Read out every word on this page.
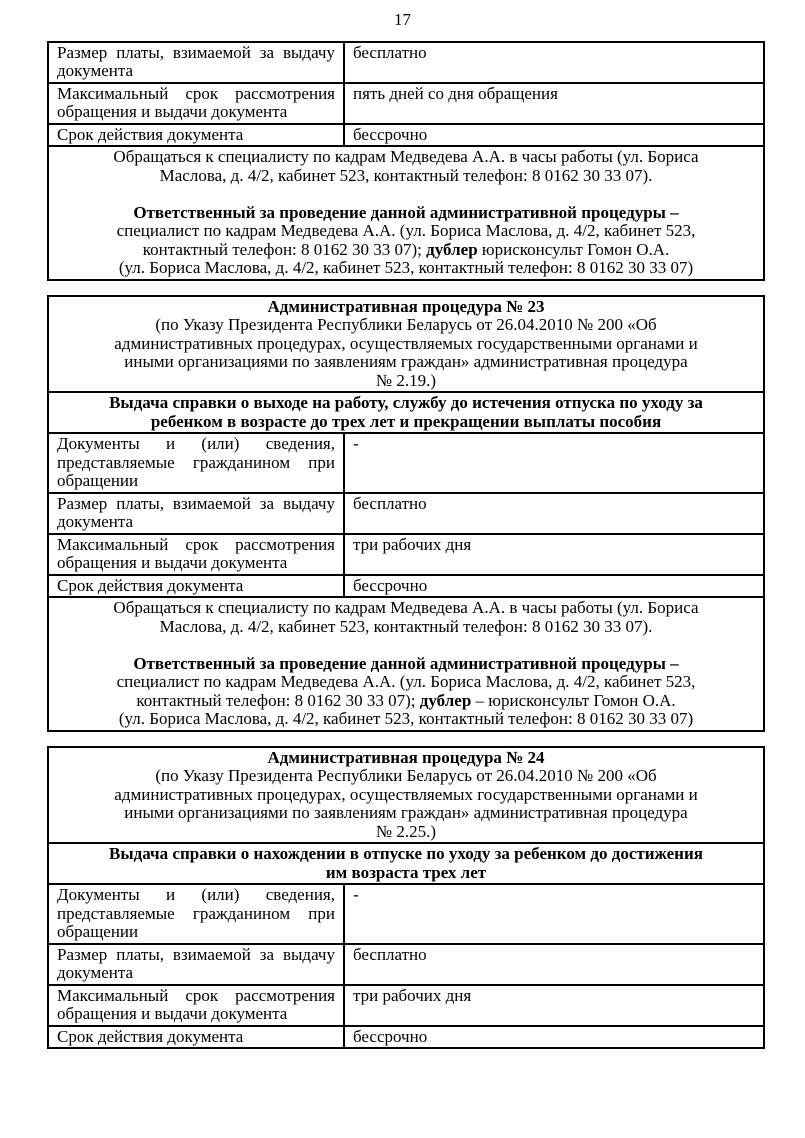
17
Размер платы, взимаемой за выдачу документа	бесплатно
Максимальный срок рассмотрения обращения и выдачи документа	пять дней со дня обращения
Срок действия документа	бессрочно

Обращаться к специалисту по кадрам Медведева А.А. в часы работы (ул. Бориса
Маслова, д. 4/2, кабинет 523, контактный телефон: 8 0162 30 33 07).
Ответственный за проведение данной административной процедуры –
специалист по кадрам Медведева А.А. (ул. Бориса Маслова, д. 4/2, кабинет 523,
контактный телефон: 8 0162 30 33 07); дублер юрисконсульт Гомон О.А.
(ул. Бориса Маслова, д. 4/2, кабинет 523, контактный телефон: 8 0162 30 33 07)
Административная процедура № 23
(по Указу Президента Республики Беларусь от 26.04.2010 № 200 «Об
административных процедурах, осуществляемых государственными органами и
иными организациями по заявлениям граждан» административная процедура
№ 2.19.)	

Выдача справки о выходе на работу, службу до истечения отпуска по уходу за
ребенком в возрасте до трех лет и прекращении выплаты пособия	

Документы и (или) сведения, представляемые гражданином при обращении	-
Размер платы, взимаемой за выдачу документа	бесплатно
Максимальный срок рассмотрения обращения и выдачи документа	три рабочих дня
Срок действия документа	бессрочно

Обращаться к специалисту по кадрам Медведева А.А. в часы работы (ул. Бориса
Маслова, д. 4/2, кабинет 523, контактный телефон: 8 0162 30 33 07).
Ответственный за проведение данной административной процедуры –
специалист по кадрам Медведева А.А. (ул. Бориса Маслова, д. 4/2, кабинет 523,
контактный телефон: 8 0162 30 33 07); дублер – юрисконсульт Гомон О.А.
(ул. Бориса Маслова, д. 4/2, кабинет 523, контактный телефон: 8 0162 30 33 07)
Административная процедура № 24
(по Указу Президента Республики Беларусь от 26.04.2010 № 200 «Об
административных процедурах, осуществляемых государственными органами и
иными организациями по заявлениям граждан» административная процедура
№ 2.25.)	

Выдача справки о нахождении в отпуске по уходу за ребенком до достижения
им возраста трех лет	

Документы и (или) сведения, представляемые гражданином при обращении	-
Размер платы, взимаемой за выдачу документа	бесплатно
Максимальный срок рассмотрения обращения и выдачи документа	три рабочих дня
Срок действия документа	бессрочно
